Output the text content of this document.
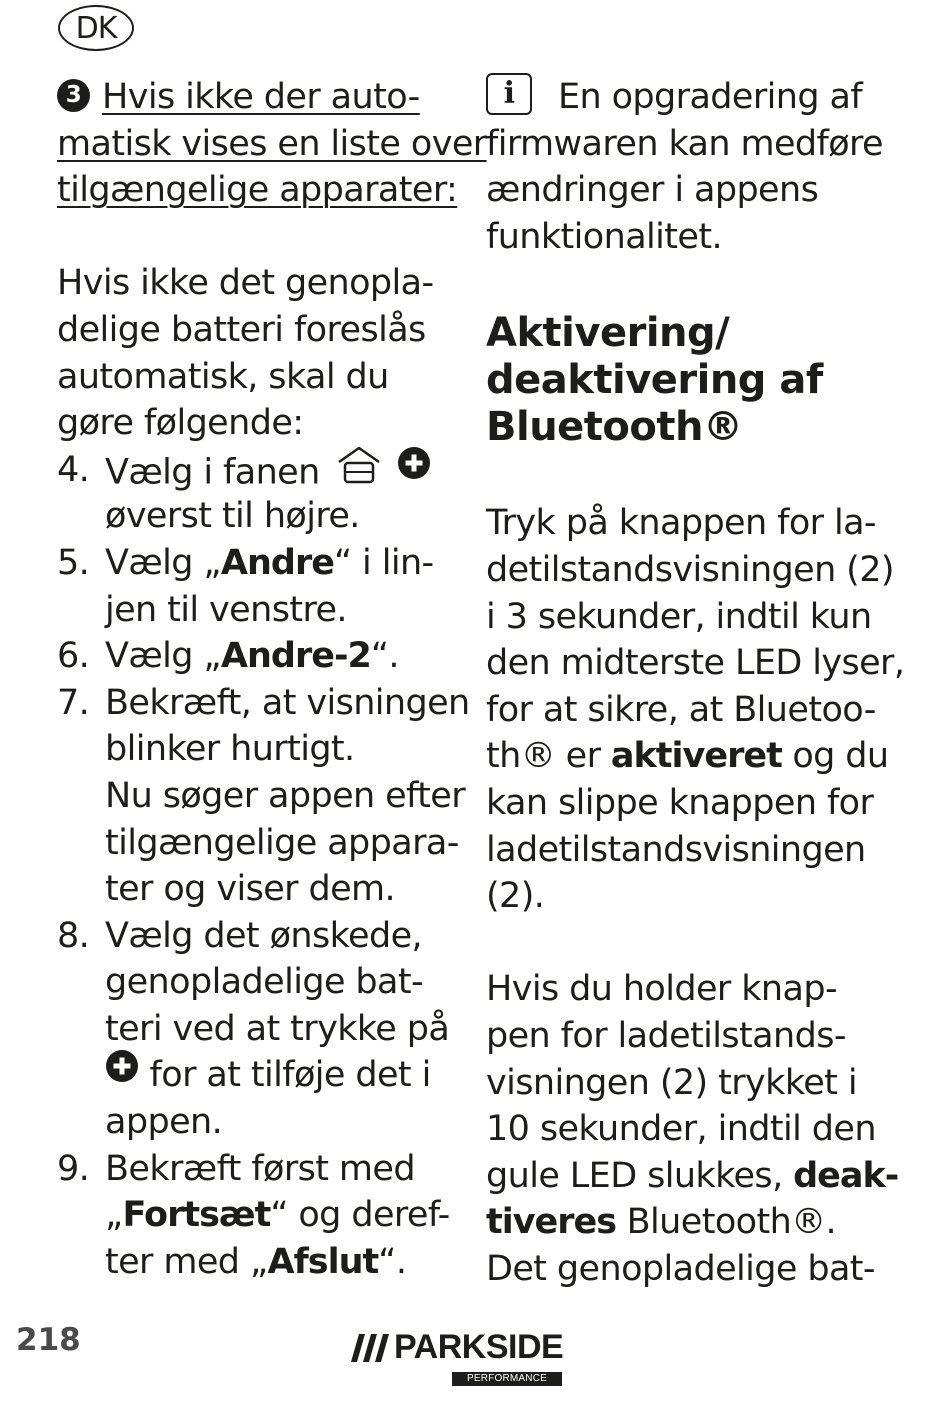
DK
3 Hvis ikke der auto-
matisk vises en liste over
tilgængelige apparater:
Hvis ikke det genopla-
delige batteri foreslås
automatisk, skal du
gøre følgende:
4. Vælg i fanen
øverst til højre.
5. Vælg „Andre“ i lin-
jen til venstre.
6. Vælg „Andre-2“.
7. Bekræft, at visningen
blinker hurtigt.
Nu søger appen efter
tilgængelige appara-
ter og viser dem.
8. Vælg det ønskede,
genopladelige bat-
teri ved at trykke på
for at tilføje det i
appen.
9. Bekræft først med
„Fortsæt“ og deref-
ter med „Afslut“.
i En opgradering af
firmwaren kan medføre
ændringer i appens
funktionalitet.
Aktivering/
deaktivering af
Bluetooth®
Tryk på knappen for la-
detilstandsvisningen (2)
i 3 sekunder, indtil kun
den midterste LED lyser,
for at sikre, at Bluetoo-
th® er aktiveret og du
kan slippe knappen for
ladetilstandsvisningen
(2).
Hvis du holder knap-
pen for ladetilstands-
visningen (2) trykket i
10 sekunder, indtil den
gule LED slukkes, deak-
tiveres Bluetooth®.
Det genopladelige bat-
218	PARKSIDE
PERFORMANCE
